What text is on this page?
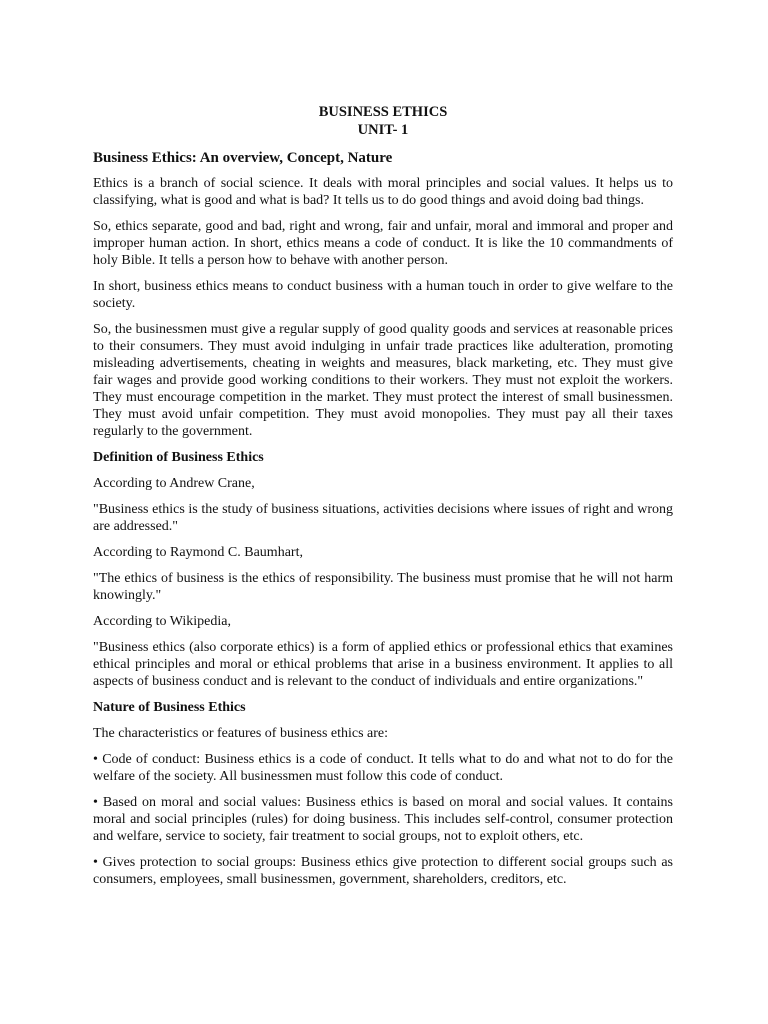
BUSINESS ETHICS
UNIT- 1
Business Ethics: An overview, Concept, Nature

Ethics is a branch of social science. It deals with moral principles and social values. It helps us to classifying, what is good and what is bad? It tells us to do good things and avoid doing bad things.

So, ethics separate, good and bad, right and wrong, fair and unfair, moral and immoral and proper and improper human action. In short, ethics means a code of conduct. It is like the 10 commandments of holy Bible. It tells a person how to behave with another person.

In short, business ethics means to conduct business with a human touch in order to give welfare to the society.

So, the businessmen must give a regular supply of good quality goods and services at reasonable prices to their consumers. They must avoid indulging in unfair trade practices like adulteration, promoting misleading advertisements, cheating in weights and measures, black marketing, etc. They must give fair wages and provide good working conditions to their workers. They must not exploit the workers. They must encourage competition in the market. They must protect the interest of small businessmen. They must avoid unfair competition. They must avoid monopolies. They must pay all their taxes regularly to the government.

Definition of Business Ethics

According to Andrew Crane,

"Business ethics is the study of business situations, activities decisions where issues of right and wrong are addressed."

According to Raymond C. Baumhart,

"The ethics of business is the ethics of responsibility. The business must promise that he will not harm knowingly."

According to Wikipedia,

"Business ethics (also corporate ethics) is a form of applied ethics or professional ethics that examines ethical principles and moral or ethical problems that arise in a business environment. It applies to all aspects of business conduct and is relevant to the conduct of individuals and entire organizations."

Nature of Business Ethics

The characteristics or features of business ethics are:

• Code of conduct: Business ethics is a code of conduct. It tells what to do and what not to do for the welfare of the society. All businessmen must follow this code of conduct.

• Based on moral and social values: Business ethics is based on moral and social values. It contains moral and social principles (rules) for doing business. This includes self-control, consumer protection and welfare, service to society, fair treatment to social groups, not to exploit others, etc.

• Gives protection to social groups: Business ethics give protection to different social groups such as consumers, employees, small businessmen, government, shareholders, creditors, etc.
